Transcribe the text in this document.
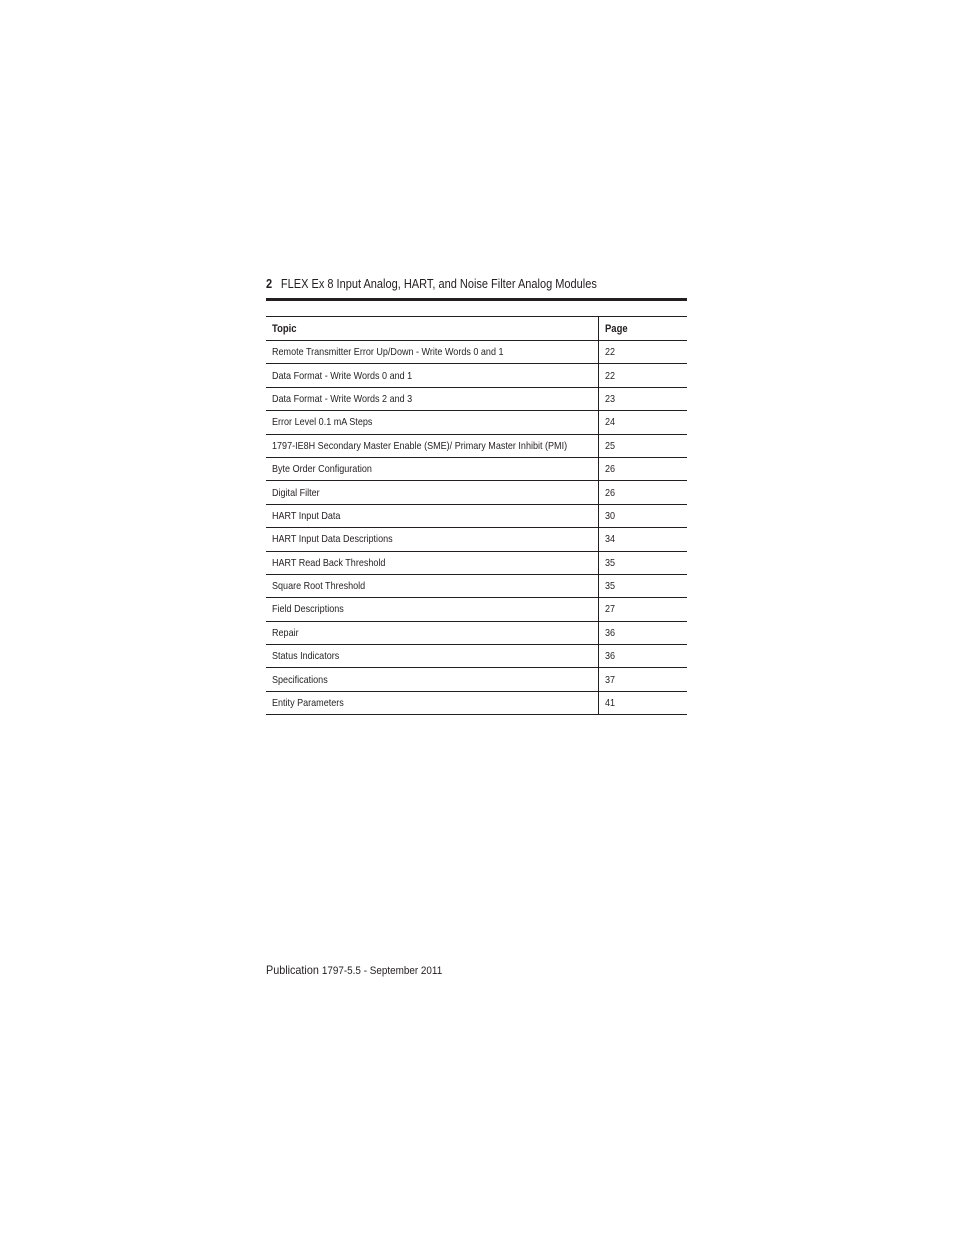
2 FLEX Ex 8 Input Analog, HART, and Noise Filter Analog Modules
Topic	Page
Remote Transmitter Error Up/Down - Write Words 0 and 1	22
Data Format - Write Words 0 and 1	22
Data Format - Write Words 2 and 3	23
Error Level 0.1 mA Steps	24
1797-IE8H Secondary Master Enable (SME)/ Primary Master Inhibit (PMI)	25
Byte Order Configuration	26
Digital Filter	26
HART Input Data	30
HART Input Data Descriptions	34
HART Read Back Threshold	35
Square Root Threshold	35
Field Descriptions	27
Repair	36
Status Indicators	36
Specifications	37
Entity Parameters	41
Publication 1797-5.5 - September 2011
